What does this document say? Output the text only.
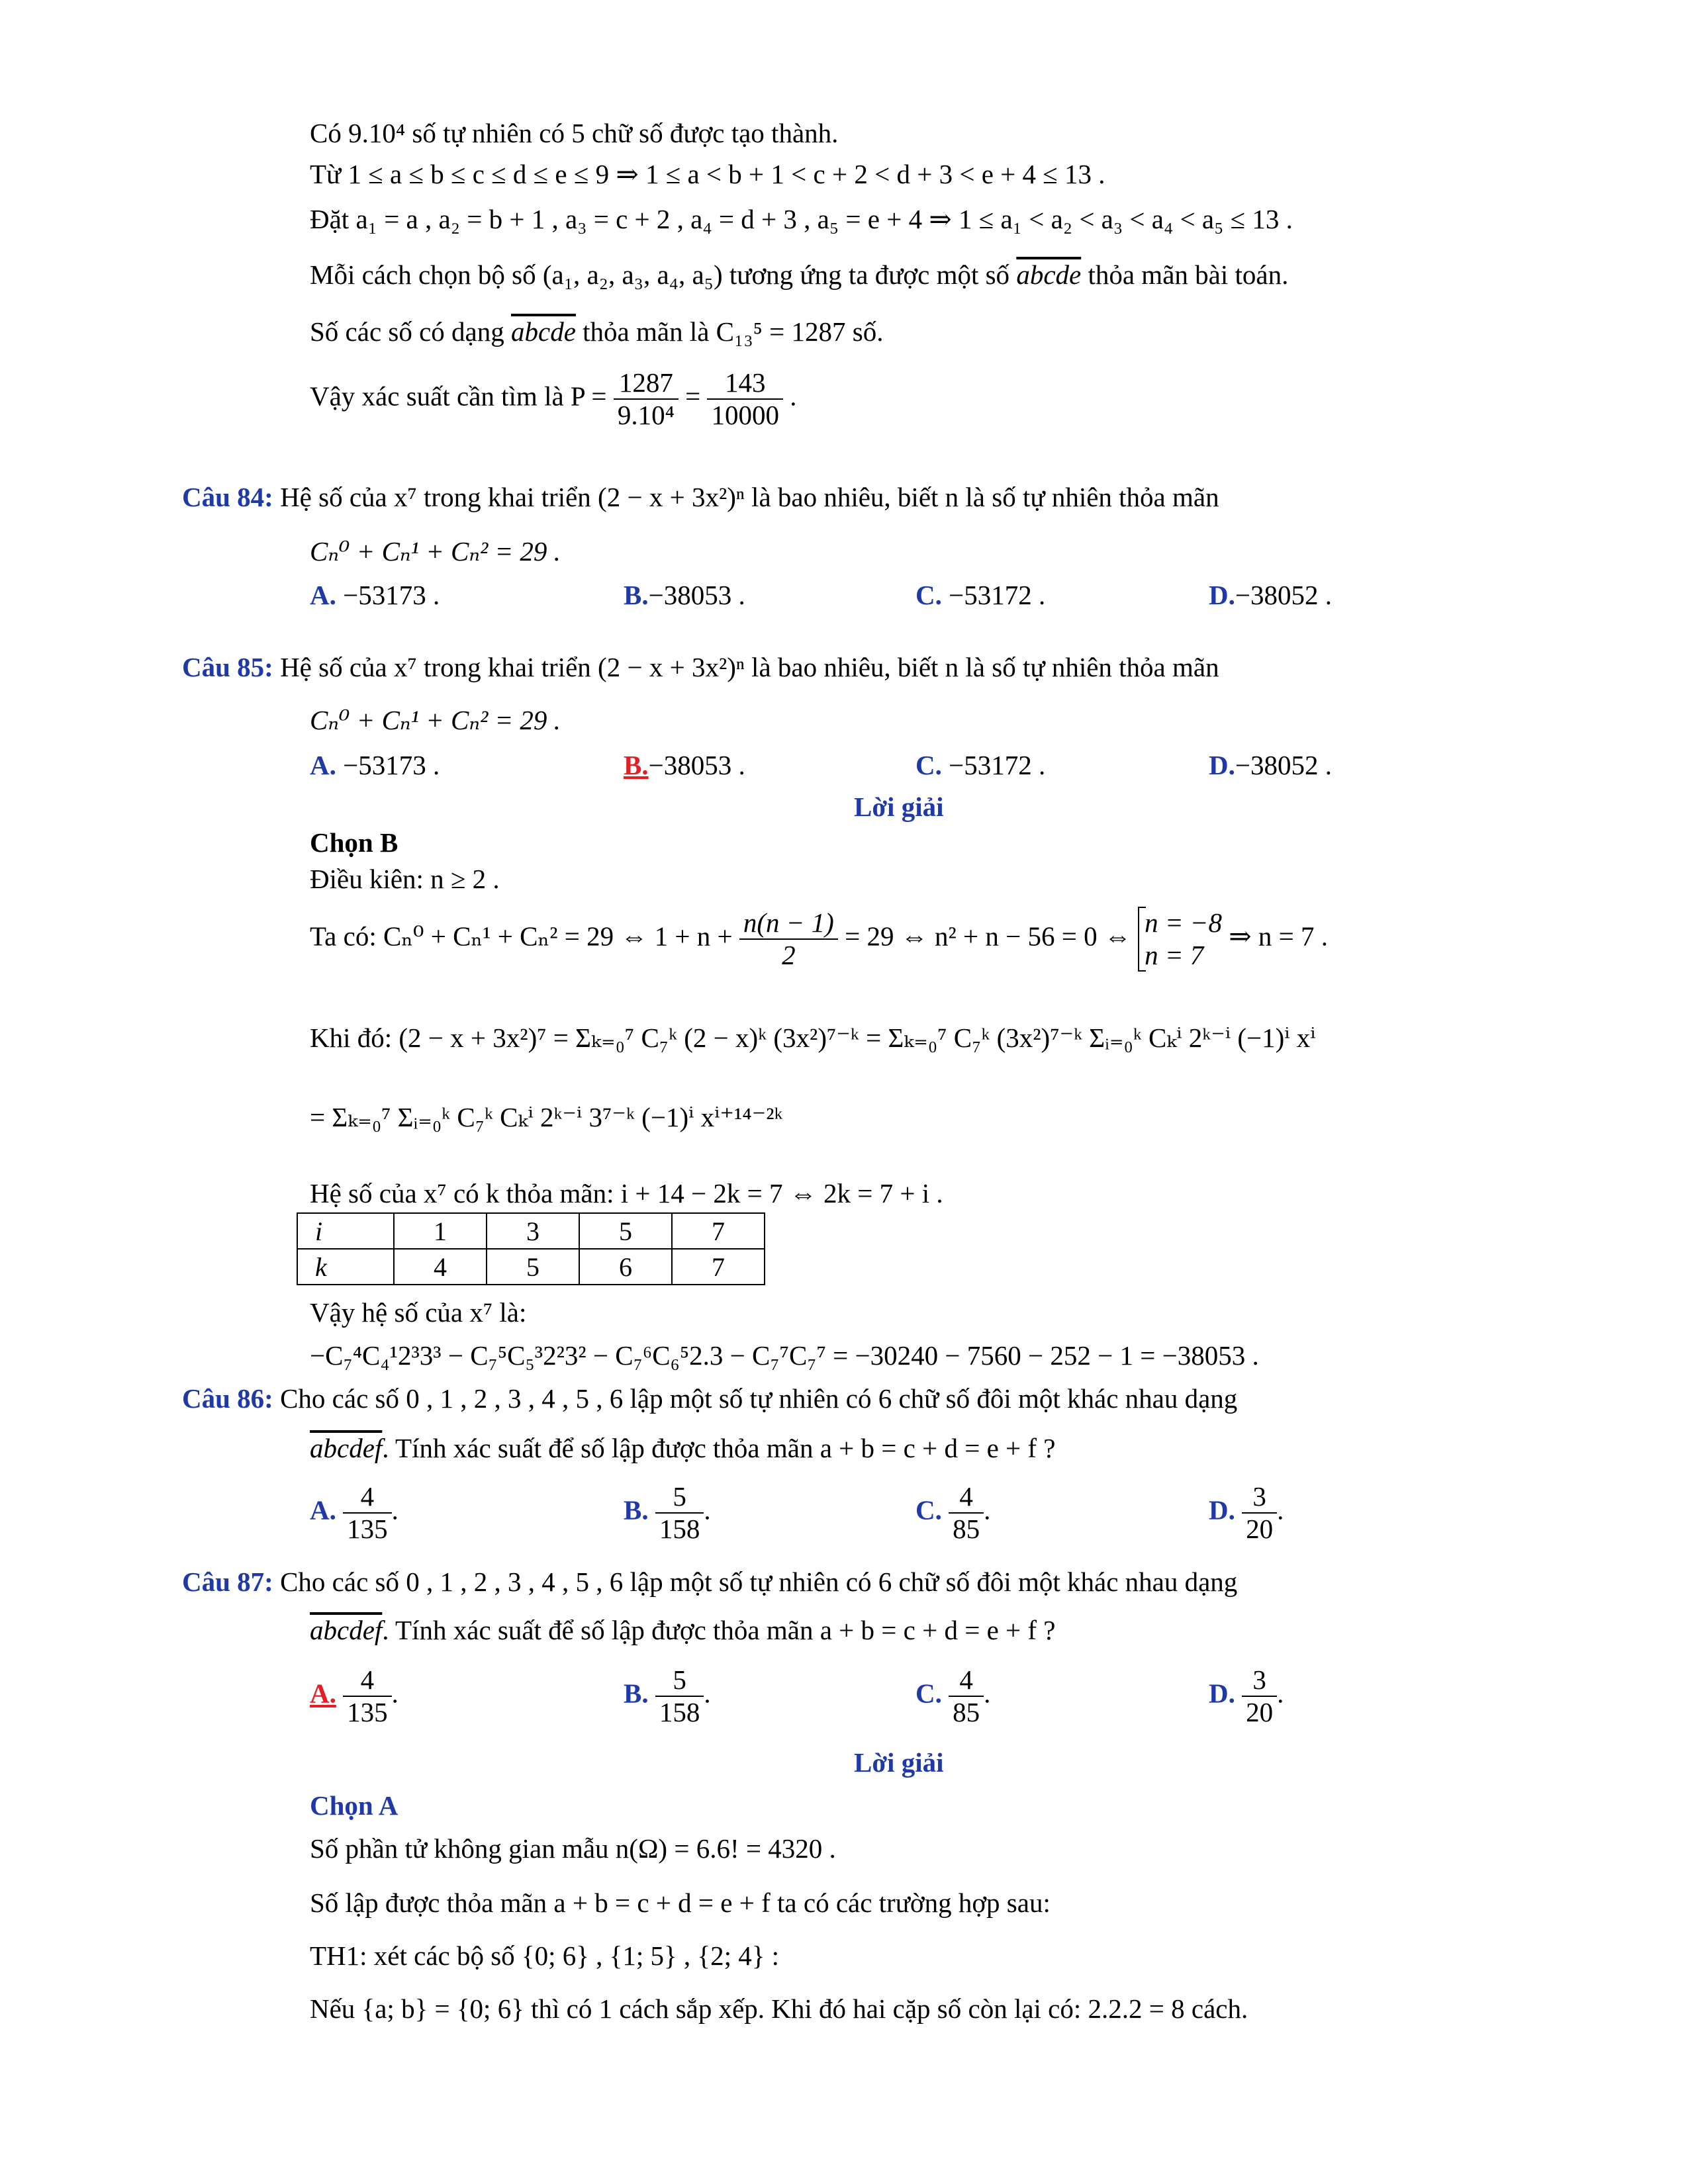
Có 9.10⁴ số tự nhiên có 5 chữ số được tạo thành.
Từ 1 ≤ a ≤ b ≤ c ≤ d ≤ e ≤ 9 ⇒ 1 ≤ a < b + 1 < c + 2 < d + 3 < e + 4 ≤ 13 .
Đặt a₁ = a , a₂ = b + 1 , a₃ = c + 2 , a₄ = d + 3 , a₅ = e + 4 ⇒ 1 ≤ a₁ < a₂ < a₃ < a₄ < a₅ ≤ 13 .
Mỗi cách chọn bộ số (a₁, a₂, a₃, a₄, a₅) tương ứng ta được một số abcde thỏa mãn bài toán.
Số các số có dạng abcde thỏa mãn là C₁₃⁵ = 1287 số.
Vậy xác suất cần tìm là $P = \frac{1287}{\text{9.10⁴}} = \frac{143}{10000}$ .
Câu 84: Hệ số của x⁷ trong khai triển (2 − x + 3x²)ⁿ là bao nhiêu, biết n là số tự nhiên thỏa mãn
Cₙ⁰ + Cₙ¹ + Cₙ² = 29 .
A. −53173 .	B.−38053 .	C. −53172 .	D.−38052 .
Câu 85: Hệ số của x⁷ trong khai triển (2 − x + 3x²)ⁿ là bao nhiêu, biết n là số tự nhiên thỏa mãn
Cₙ⁰ + Cₙ¹ + Cₙ² = 29 .
A. −53173 .	B.−38053 .	C. −53172 .	D.−38052 .
Lời giải
Chọn B
Điều kiên: n ≥ 2 .
Ta có: Cₙ⁰ + Cₙ¹ + Cₙ² = 29 ⇔ $1 + n + \frac{n(n - 1)}{2} = 29$ ⇔ n² + n − 56 = 0 ⇔ n = −8
n = 7
⇒ n = 7 .
Khi đó: (2 − x + 3x²)⁷ = Σₖ₌₀⁷ C₇ᵏ (2 − x)ᵏ (3x²)⁷⁻ᵏ = Σₖ₌₀⁷ C₇ᵏ (3x²)⁷⁻ᵏ Σᵢ₌₀ᵏ Cₖⁱ 2ᵏ⁻ⁱ (−1)ⁱ xⁱ
= Σₖ₌₀⁷ Σᵢ₌₀ᵏ C₇ᵏ Cₖⁱ 2ᵏ⁻ⁱ 3⁷⁻ᵏ (−1)ⁱ xⁱ⁺¹⁴⁻²ᵏ
Hệ số của x⁷ có k thỏa mãn: i + 14 − 2k = 7 ⇔ 2k = 7 + i .
i	1	3	5	7
k	4	5	6	7
Vậy hệ số của x⁷ là:
−C₇⁴C₄¹2³3³ − C₇⁵C₅³2²3² − C₇⁶C₆⁵2.3 − C₇⁷C₇⁷ = −30240 − 7560 − 252 − 1 = −38053 .
Câu 86: Cho các số 0 , 1 , 2 , 3 , 4 , 5 , 6 lập một số tự nhiên có 6 chữ số đôi một khác nhau dạng
abcdef. Tính xác suất để số lập được thỏa mãn a + b = c + d = e + f ?
A. $\frac{4}{135}$ .	B. $\frac{5}{158}$ .	C. $\frac{4}{85}$ .	D. $\frac{3}{20}$ .
Câu 87: Cho các số 0 , 1 , 2 , 3 , 4 , 5 , 6 lập một số tự nhiên có 6 chữ số đôi một khác nhau dạng
abcdef. Tính xác suất để số lập được thỏa mãn a + b = c + d = e + f ?
A. $\frac{4}{135}$ .	B. $\frac{5}{158}$ .	C. $\frac{4}{85}$ .	D. $\frac{3}{20}$ .
Lời giải
Chọn A
Số phần tử không gian mẫu n(Ω) = 6.6! = 4320 .
Số lập được thỏa mãn a + b = c + d = e + f ta có các trường hợp sau:
TH1: xét các bộ số {0; 6} , {1; 5} , {2; 4} :
Nếu {a; b} = {0; 6} thì có 1 cách sắp xếp. Khi đó hai cặp số còn lại có: 2.2.2 = 8 cách.
